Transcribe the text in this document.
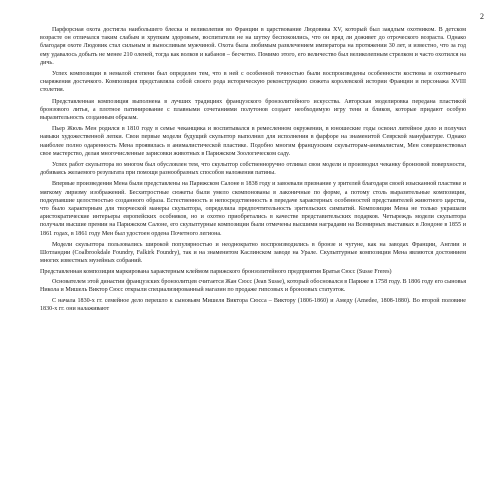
2

Парфорсная охота достигла наибольшего блеска и великолепия во Франции в царствование Людовика XV, который был заядлым охотником. В детском возрасте он отличался таким слабым и хрупким здоровьем, воспитатели не на шутку беспокоились, что он вряд ли доживет до отроческого возраста. Однако благодаря охоте Людовик стал сильным и выносливым мужчиной. Охота была любимым развлечением императора на протяжении 30 лет, и известно, что за год ему удавалось добыть не менее 210 оленей, тогда как волков и кабанов – бесчетно. Помимо этого, его величество был великолепным стрелком и часто охотился на дичь.

Успех композиции в немалой степени был определен тем, что в ней с особенной точностью были воспроизведены особенности костюма и охотничьего снаряжения достачкого. Композиция представляла собой своего рода историческую реконструкцию сюжета королевской истории Франции и персонажа XVIII столетия.

Представленная композиция выполнена в лучших традициях французского бронзолитейного искусства. Авторская моделировка передана пластикой бронзового литья, а плотное патинирование с плавными сочетаниями полутонов создает необходимую игру тени и бликов, которые придают особую выразительность созданным образам.

Пьер Жюль Мен родился в 1810 году в семье чеканщика и воспитывался в ремесленном окружении, в юношеские годы освоил литейное дело и получил навыки художественной лепки. Свои первые модели будущий скульптор выполнил для исполнения в фарфоре на знаменитой Севрской мануфактуре. Однако наиболее полно одаренность Мена проявилась в анималистической пластике. Подобно многим французским скульпторам-анималистам, Мен совершенствовал свое мастерство, делая многочисленные зарисовки животных в Парижском Зоологическом саду.

Успех работ скульптора во многом был обусловлен тем, что скульптор собственноручно отливал свои модели и производил чеканку бронзовой поверхности, добиваясь желаемого результата при помощи разнообразных способов наложения патины.

Впервые произведения Мена были представлены на Парижском Салоне в 1838 году и завоевали признание у зрителей благодаря своей изысканной пластике и мягкому лиризму изображений. Бесхитростные сюжеты были умело скомпонованы в лаконичные по форме, а потому столь выразительные композиции, подкупавшие целостностью созданного образа. Естественность и непосредственность в передаче характерных особенностей представителей животного царства, что было характерным для творческой манеры скульптора, определила предпочтительность зрительских симпатий. Композиции Мена не только украшали аристократические интерьеры европейских особняков, но и охотно приобретались в качестве представительских подарков. Четыреждь модели скульптора получали высшие премии на Парижском Салоне, его скульптурные композиции были отмечены высшими наградами на Всемирных выставках в Лондоне в 1855 и 1861 годах, в 1861 году Мен был удостоен ордена Почетного легиона.

Модели скульптора пользовались широкой популярностью и неоднократно воспроизводились в бронзе и чугуне, как на заводах Франции, Англии и Шотландии (Coalbrookdale Foundry, Falkirk Foundry), так и на знаменитом Каслинском заводе на Урале. Скульптурные композиции Мена являются достоянием многих известных музейных собраний.

Представленная композиция маркирована характерным клеймом парижского бронзолитейного предприятия Братья Сюсс (Susse Freres)

Основателем этой династии французских бронзолитцев считается Жан Сюсс (Jean Susse), который обосновался в Париже в 1758 году. В 1806 году его сыновья Никола и Мишель Виктор Сюсс открыли специализированный магазин по продаже гипсовых и бронзовых статуэток.

С начала 1830-х гг. семейное дело перешло к сыновьям Мишеля Виктора Сюсса – Виктору (1806-1860) и Амеду (Amedee, 1808-1880). Во второй половине 1830-х гг. они налаживают
